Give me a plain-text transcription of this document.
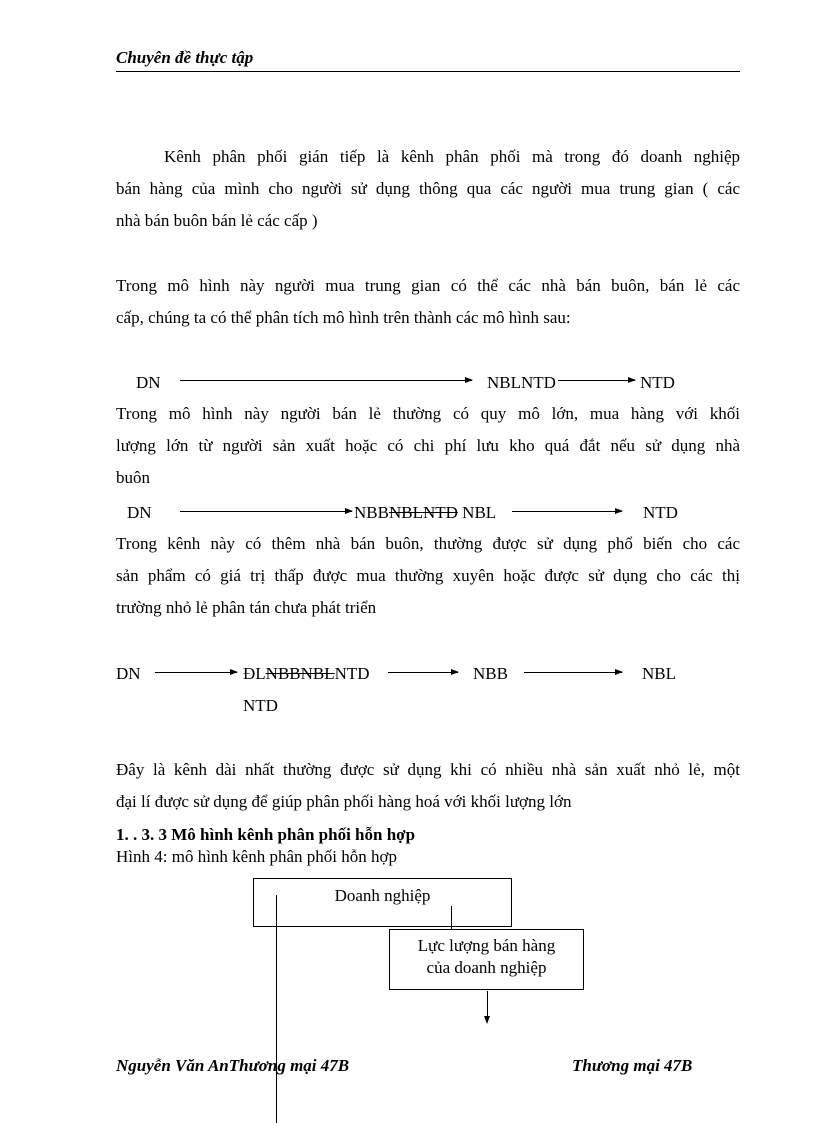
Chuyên đề thực tập
Kênh phân phối gián tiếp là kênh phân phối mà trong đó doanh nghiệp
bán hàng của mình cho người sử dụng thông qua các người mua trung gian ( các
nhà bán buôn bán lẻ các cấp )
Trong mô hình này người mua trung gian có thể các nhà bán buôn, bán lẻ các
cấp, chúng ta có thể phân tích mô hình trên thành các mô hình sau:
DN	NBLNTD	NTD
Trong mô hình này người bán lẻ thường có quy mô lớn, mua hàng với khối
lượng lớn từ người sản xuất hoặc có chi phí lưu kho quá đắt nếu sử dụng nhà
buôn
DN	NBBNBLNTD NBL	NTD
Trong kênh này có thêm nhà bán buôn, thường được sử dụng phổ biến cho các
sản phẩm có giá trị thấp được mua thường xuyên hoặc được sử dụng cho các thị
trường nhỏ lẻ phân tán chưa phát triển
DN	ĐLNBBNBLNTD	NBB	NBL
NTD
Đây là kênh dài nhất thường được sử dụng khi có nhiều nhà sản xuất nhỏ lẻ, một
đại lí được sử dụng để giúp phân phối hàng hoá với khối lượng lớn
1. . 3. 3 Mô hình kênh phân phối hỗn hợp
Hình 4: mô hình kênh phân phối hỗn hợp
Doanh nghiệp
Lực lượng bán hàng
của doanh nghiệp
Nguyễn Văn AnThương mại 47B	Thương mại 47B
